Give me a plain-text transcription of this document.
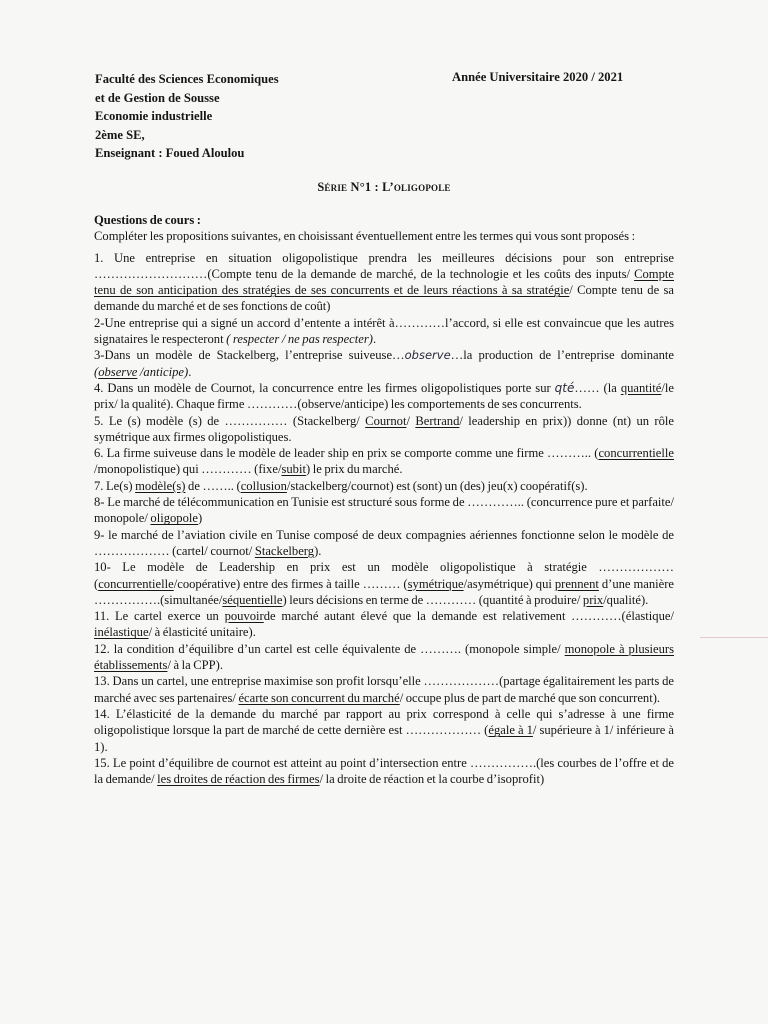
Faculté des Sciences Economiques
et de Gestion de Sousse
Economie industrielle
2ème SE,
Enseignant : Foued Aloulou
Année Universitaire 2020 / 2021
Série N°1 : L’oligopole

Questions de cours :

Compléter les propositions suivantes, en choisissant éventuellement entre les termes qui vous sont proposés :

1. Une entreprise en situation oligopolistique prendra les meilleures décisions pour son entreprise ………………………(Compte tenu de la demande de marché, de la technologie et les coûts des inputs/ Compte tenu de son anticipation des stratégies de ses concurrents et de leurs réactions à sa stratégie/ Compte tenu de sa demande du marché et de ses fonctions de coût)

2-Une entreprise qui a signé un accord d’entente a intérêt à…………l’accord, si elle est convaincue que les autres signataires le respecteront ( respecter / ne pas respecter).

3-Dans un modèle de Stackelberg, l’entreprise suiveuse…observe…la production de l’entreprise dominante (observe /anticipe).

4. Dans un modèle de Cournot, la concurrence entre les firmes oligopolistiques porte sur qté…… (la quantité/le prix/ la qualité). Chaque firme …………(observe/anticipe) les comportements de ses concurrents.

5. Le (s) modèle (s) de …………… (Stackelberg/ Cournot/ Bertrand/ leadership en prix)) donne (nt) un rôle symétrique aux firmes oligopolistiques.

6. La firme suiveuse dans le modèle de leader ship en prix se comporte comme une firme ……….. (concurrentielle /monopolistique) qui ………… (fixe/subit) le prix du marché.

7. Le(s) modèle(s) de …….. (collusion/stackelberg/cournot) est (sont) un (des) jeu(x) coopératif(s).

8- Le marché de télécommunication en Tunisie est structuré sous forme de ………….. (concurrence pure et parfaite/ monopole/ oligopole)

9- le marché de l’aviation civile en Tunise composé de deux compagnies aériennes fonctionne selon le modèle de ……………… (cartel/ cournot/ Stackelberg).

10- Le modèle de Leadership en prix est un modèle oligopolistique à stratégie ……………… (concurrentielle/coopérative) entre des firmes à taille ……… (symétrique/asymétrique) qui prennent d’une manière …………….(simultanée/séquentielle) leurs décisions en terme de ………… (quantité à produire/ prix/qualité).

11. Le cartel exerce un pouvoirde marché autant élevé que la demande est relativement …………(élastique/ inélastique/ à élasticité unitaire).

12. la condition d’équilibre d’un cartel est celle équivalente de ………. (monopole simple/ monopole à plusieurs établissements/ à la CPP).

13. Dans un cartel, une entreprise maximise son profit lorsqu’elle ………………(partage égalitairement les parts de marché avec ses partenaires/ écarte son concurrent du marché/ occupe plus de part de marché que son concurrent).

14. L’élasticité de la demande du marché par rapport au prix correspond à celle qui s’adresse à une firme oligopolistique lorsque la part de marché de cette dernière est ……………… (égale à 1/ supérieure à 1/ inférieure à 1).

15. Le point d’équilibre de cournot est atteint au point d’intersection entre …………….(les courbes de l’offre et de la demande/ les droites de réaction des firmes/ la droite de réaction et la courbe d’isoprofit)
